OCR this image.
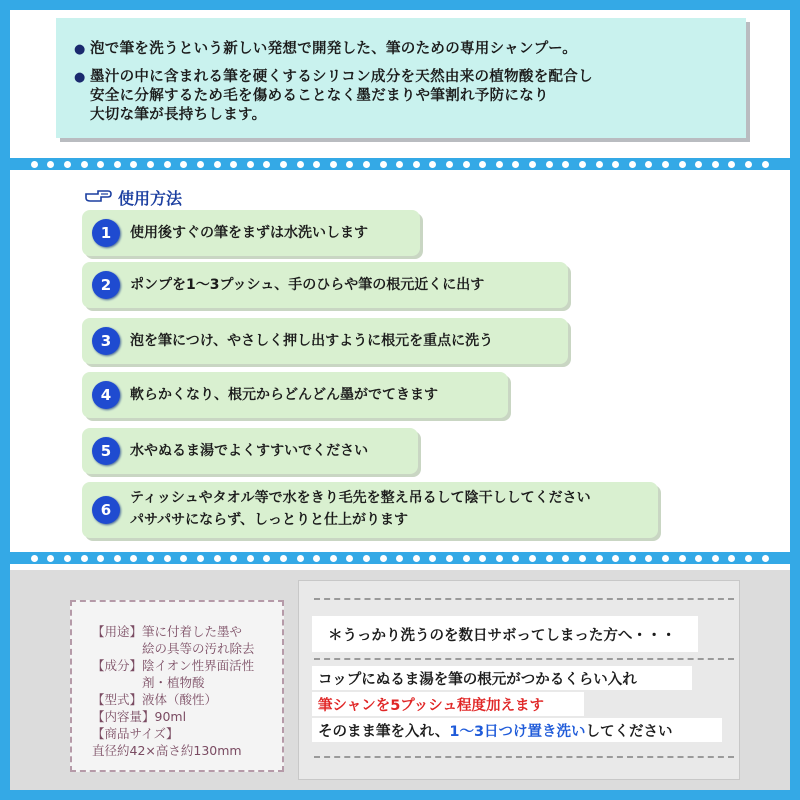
● 泡で筆を洗うという新しい発想で開発した、筆のための専用シャンプー。
● 墨汁の中に含まれる筆を硬くするシリコン成分を天然由来の植物酸を配合し
安全に分解するため毛を傷めることなく墨だまりや筆割れ予防になり
大切な筆が長持ちします。
使用方法
1	使用後すぐの筆をまずは水洗いします
2	ポンプを1～3プッシュ、手のひらや筆の根元近くに出す
3	泡を筆につけ、やさしく押し出すように根元を重点に洗う
4	軟らかくなり、根元からどんどん墨がでてきます
5	水やぬるま湯でよくすすいでください
6
ティッシュやタオル等で水をきり毛先を整え吊るして陰干ししてください
パサパサにならず、しっとりと仕上がります
【用途】筆に付着した墨や
　　　　絵の具等の汚れ除去
【成分】陰イオン性界面活性
　　　　剤・植物酸
【型式】液体（酸性）
【内容量】90ml
【商品サイズ】
直径約42×高さ約130mm
＊うっかり洗うのを数日サボってしまった方へ・・・
コップにぬるま湯を筆の根元がつかるくらい入れ
筆シャンを5プッシュ程度加えます
そのまま筆を入れ、1～3日つけ置き洗いしてください
